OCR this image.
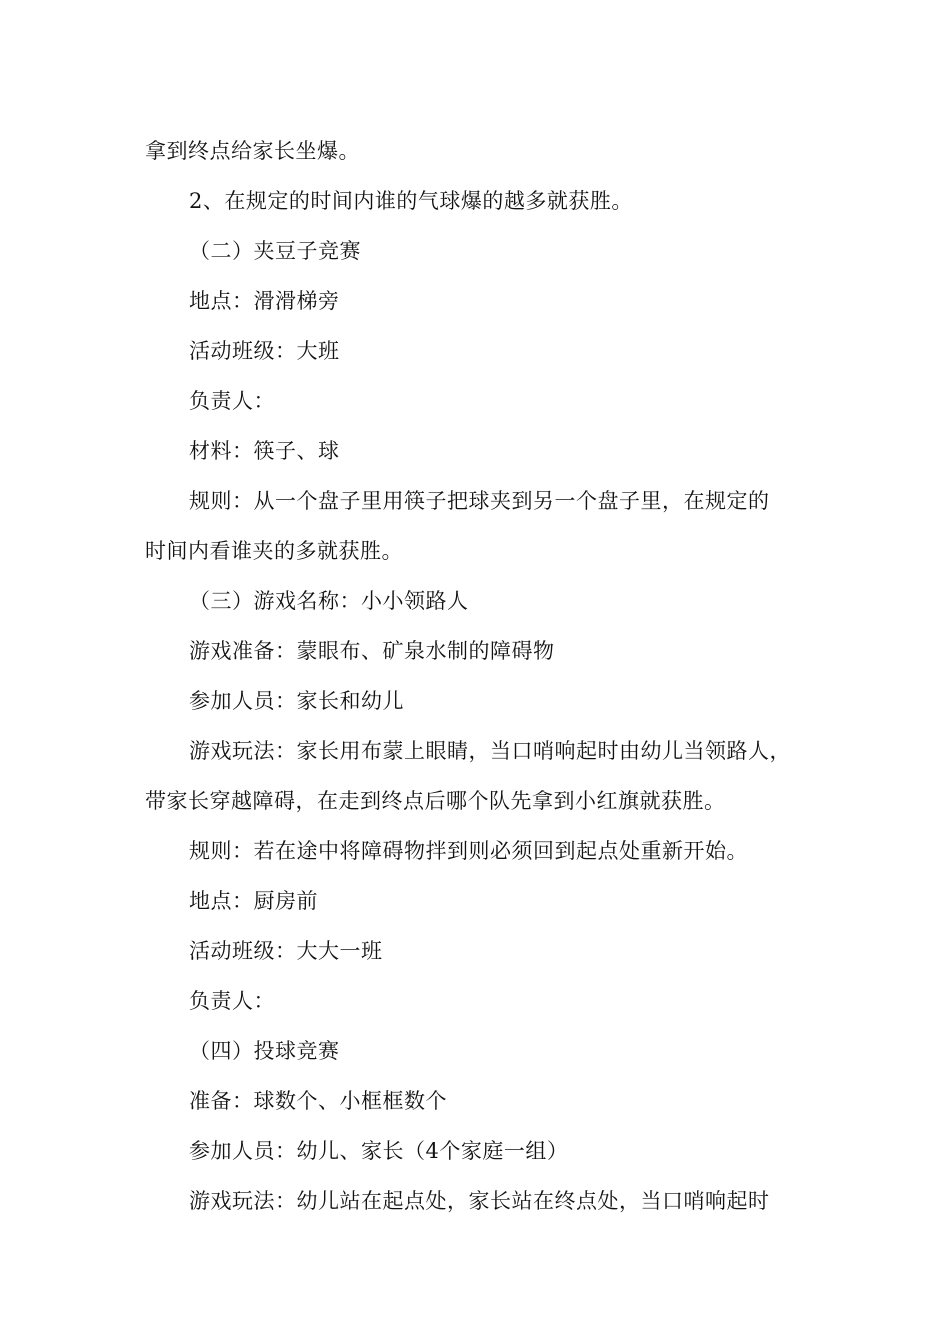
拿到终点给家长坐爆。
2、在规定的时间内谁的气球爆的越多就获胜。
（二）夹豆子竞赛
地点：滑滑梯旁
活动班级：大班
负责人：
材料：筷子、球
规则：从一个盘子里用筷子把球夹到另一个盘子里，在规定的
时间内看谁夹的多就获胜。
（三）游戏名称：小小领路人
游戏准备：蒙眼布、矿泉水制的障碍物
参加人员：家长和幼儿
游戏玩法：家长用布蒙上眼睛，当口哨响起时由幼儿当领路人，
带家长穿越障碍，在走到终点后哪个队先拿到小红旗就获胜。
规则：若在途中将障碍物拌到则必须回到起点处重新开始。
地点：厨房前
活动班级：大大一班
负责人：
（四）投球竞赛
准备：球数个、小框框数个
参加人员：幼儿、家长（4个家庭一组）
游戏玩法：幼儿站在起点处，家长站在终点处，当口哨响起时
